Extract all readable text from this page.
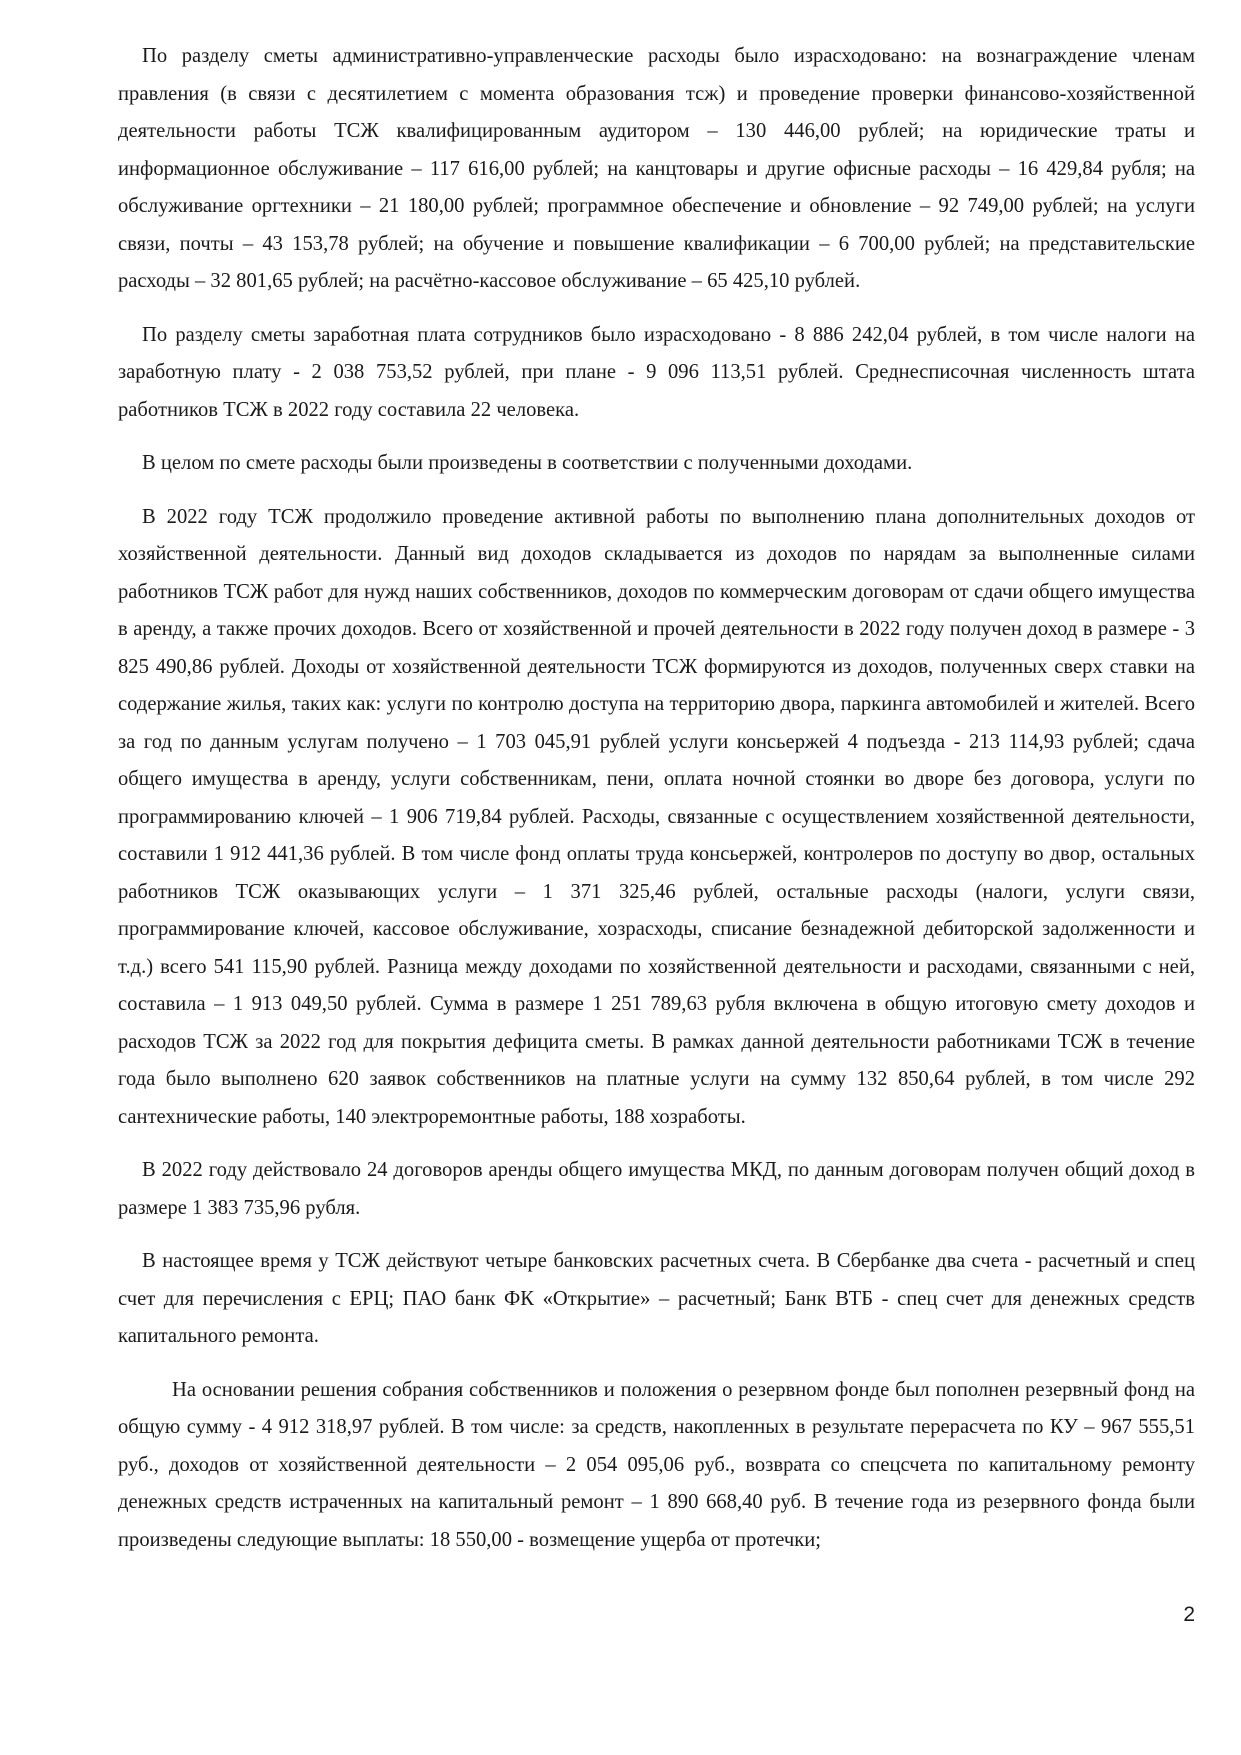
По разделу сметы административно-управленческие расходы было израсходовано: на вознаграждение членам правления (в связи с десятилетием с момента образования тсж) и проведение проверки финансово-хозяйственной деятельности работы ТСЖ квалифицированным аудитором – 130 446,00 рублей; на юридические траты и информационное обслуживание – 117 616,00 рублей; на канцтовары и другие офисные расходы – 16 429,84 рубля; на обслуживание оргтехники – 21 180,00 рублей; программное обеспечение и обновление – 92 749,00 рублей; на услуги связи, почты – 43 153,78 рублей; на обучение и повышение квалификации – 6 700,00 рублей; на представительские расходы – 32 801,65 рублей; на расчётно-кассовое обслуживание – 65 425,10 рублей.

По разделу сметы заработная плата сотрудников было израсходовано - 8 886 242,04 рублей, в том числе налоги на заработную плату - 2 038 753,52 рублей, при плане - 9 096 113,51 рублей. Среднесписочная численность штата работников ТСЖ в 2022 году составила 22 человека.

В целом по смете расходы были произведены в соответствии с полученными доходами.

В 2022 году ТСЖ продолжило проведение активной работы по выполнению плана дополнительных доходов от хозяйственной деятельности. Данный вид доходов складывается из доходов по нарядам за выполненные силами работников ТСЖ работ для нужд наших собственников, доходов по коммерческим договорам от сдачи общего имущества в аренду, а также прочих доходов. Всего от хозяйственной и прочей деятельности в 2022 году получен доход в размере - 3 825 490,86 рублей. Доходы от хозяйственной деятельности ТСЖ формируются из доходов, полученных сверх ставки на содержание жилья, таких как: услуги по контролю доступа на территорию двора, паркинга автомобилей и жителей. Всего за год по данным услугам получено – 1 703 045,91 рублей услуги консьержей 4 подъезда - 213 114,93 рублей; сдача общего имущества в аренду, услуги собственникам, пени, оплата ночной стоянки во дворе без договора, услуги по программированию ключей – 1 906 719,84 рублей. Расходы, связанные с осуществлением хозяйственной деятельности, составили 1 912 441,36 рублей. В том числе фонд оплаты труда консьержей, контролеров по доступу во двор, остальных работников ТСЖ оказывающих услуги – 1 371 325,46 рублей, остальные расходы (налоги, услуги связи, программирование ключей, кассовое обслуживание, хозрасходы, списание безнадежной дебиторской задолженности и т.д.) всего 541 115,90 рублей. Разница между доходами по хозяйственной деятельности и расходами, связанными с ней, составила – 1 913 049,50 рублей. Сумма в размере 1 251 789,63 рубля включена в общую итоговую смету доходов и расходов ТСЖ за 2022 год для покрытия дефицита сметы. В рамках данной деятельности работниками ТСЖ в течение года было выполнено 620 заявок собственников на платные услуги на сумму 132 850,64 рублей, в том числе 292 сантехнические работы, 140 электроремонтные работы, 188 хозработы.

В 2022 году действовало 24 договоров аренды общего имущества МКД, по данным договорам получен общий доход в размере 1 383 735,96 рубля.

В настоящее время у ТСЖ действуют четыре банковских расчетных счета. В Сбербанке два счета - расчетный и спец счет для перечисления с ЕРЦ; ПАО банк ФК «Открытие» – расчетный; Банк ВТБ - спец счет для денежных средств капитального ремонта.

На основании решения собрания собственников и положения о резервном фонде был пополнен резервный фонд на общую сумму - 4 912 318,97 рублей. В том числе: за средств, накопленных в результате перерасчета по КУ – 967 555,51 руб., доходов от хозяйственной деятельности – 2 054 095,06 руб., возврата со спецсчета по капитальному ремонту денежных средств истраченных на капитальный ремонт – 1 890 668,40 руб. В течение года из резервного фонда были произведены следующие выплаты: 18 550,00 - возмещение ущерба от протечки;

2
